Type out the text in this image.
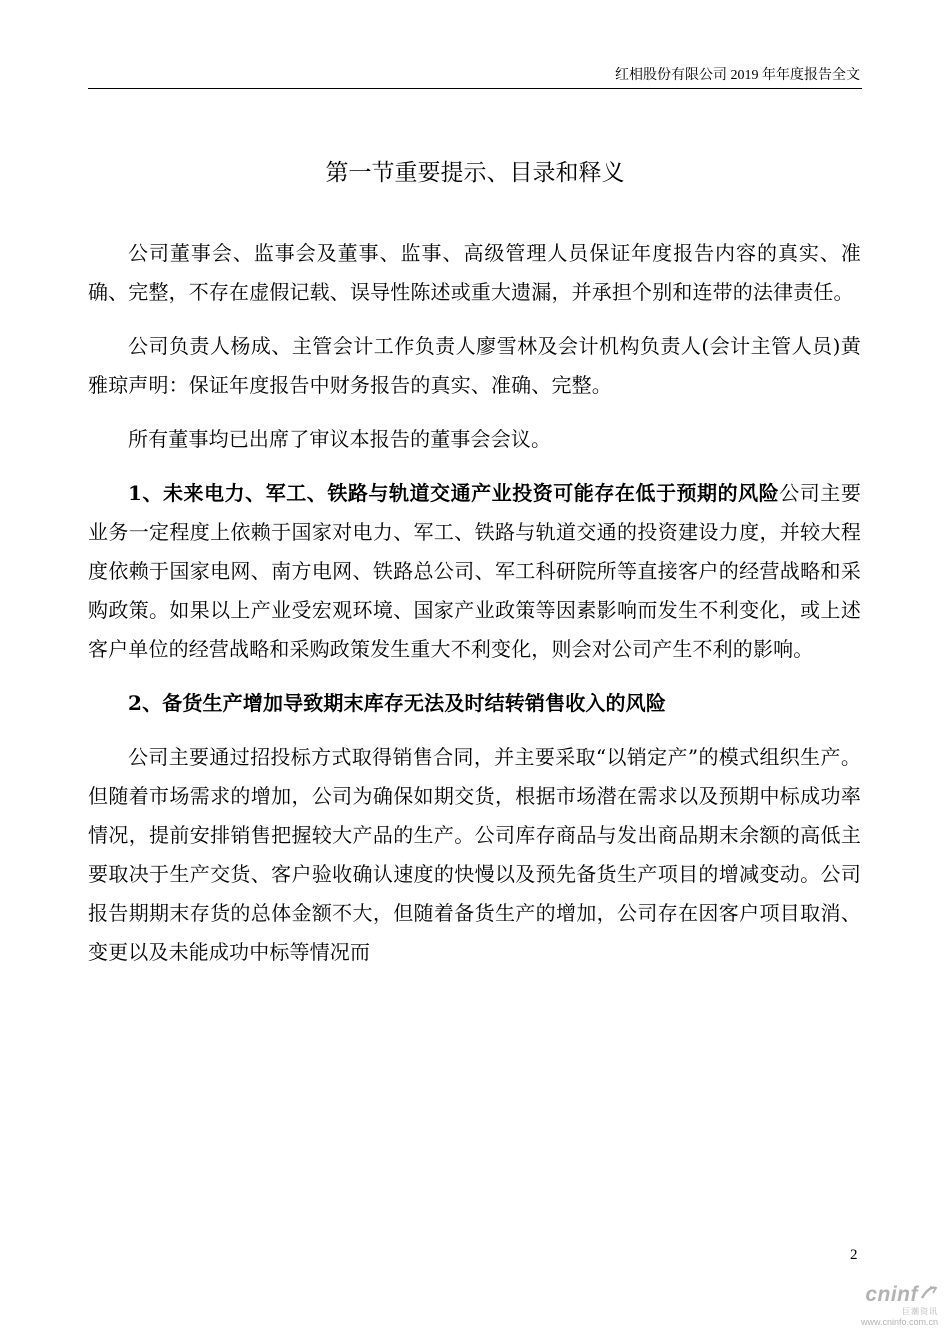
红相股份有限公司 2019 年年度报告全文
第一节重要提示、目录和释义

公司董事会、监事会及董事、监事、高级管理人员保证年度报告内容的真实、准确、完整，不存在虚假记载、误导性陈述或重大遗漏，并承担个别和连带的法律责任。

公司负责人杨成、主管会计工作负责人廖雪林及会计机构负责人(会计主管人员)黄雅琼声明：保证年度报告中财务报告的真实、准确、完整。

所有董事均已出席了审议本报告的董事会会议。

1、未来电力、军工、铁路与轨道交通产业投资可能存在低于预期的风险公司主要业务一定程度上依赖于国家对电力、军工、铁路与轨道交通的投资建设力度，并较大程度依赖于国家电网、南方电网、铁路总公司、军工科研院所等直接客户的经营战略和采购政策。如果以上产业受宏观环境、国家产业政策等因素影响而发生不利变化，或上述客户单位的经营战略和采购政策发生重大不利变化，则会对公司产生不利的影响。

2、备货生产增加导致期末库存无法及时结转销售收入的风险

公司主要通过招投标方式取得销售合同，并主要采取“以销定产”的模式组织生产。但随着市场需求的增加，公司为确保如期交货，根据市场潜在需求以及预期中标成功率情况，提前安排销售把握较大产品的生产。公司库存商品与发出商品期末余额的高低主要取决于生产交货、客户验收确认速度的快慢以及预先备货生产项目的增减变动。公司报告期期末存货的总体金额不大，但随着备货生产的增加，公司存在因客户项目取消、变更以及未能成功中标等情况而

2
cninf
巨潮资讯
www.cninfo.com.cn
